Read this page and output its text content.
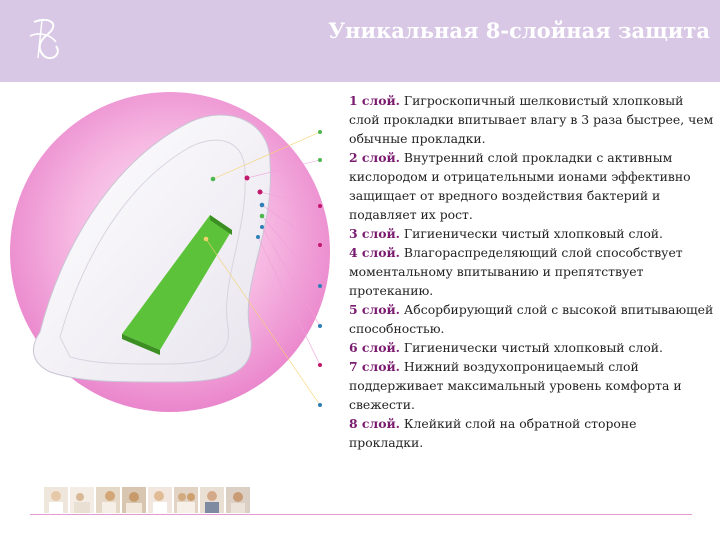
Уникальная 8-слойная защита

1 слой. Гигроскопичный шелковистый хлопковый слой прокладки впитывает влагу в 3 раза быстрее, чем обычные прокладки.

2 слой. Внутренний слой прокладки с активным кислородом и отрицательными ионами эффективно защищает от вредного воздействия бактерий и подавляет их рост.

3 слой. Гигиенически чистый хлопковый слой.

4 слой. Влагораспределяющий слой способствует моментальному впитыванию и препятствует протеканию.

5 слой. Абсорбирующий слой с высокой впитывающей способностью.

6 слой. Гигиенически чистый хлопковый слой.

7 слой. Нижний воздухопроницаемый слой поддерживает максимальный уровень комфорта и свежести.

8 слой. Клейкий слой на обратной стороне прокладки.
